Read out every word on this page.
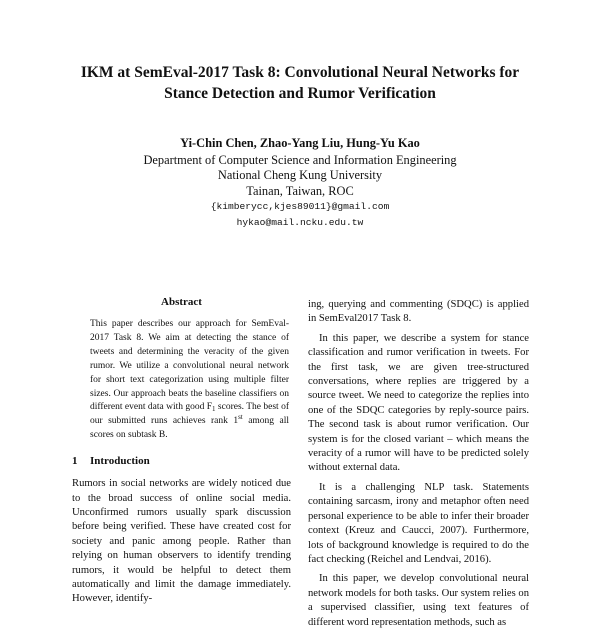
IKM at SemEval-2017 Task 8: Convolutional Neural Networks for
Stance Detection and Rumor Verification
Yi-Chin Chen, Zhao-Yang Liu, Hung-Yu Kao
Department of Computer Science and Information Engineering
National Cheng Kung University
Tainan, Taiwan, ROC
{kimberycc,kjes89011}@gmail.com
hykao@mail.ncku.edu.tw
Abstract
This paper describes our approach for SemEval-2017 Task 8. We aim at detecting the stance of tweets and determining the veracity of the given rumor. We utilize a convolutional neural network for short text categorization using multiple filter sizes. Our approach beats the baseline classifiers on different event data with good $F_1$ scores. The best of our submitted runs achieves rank 1st among all scores on subtask B.
1 Introduction

Rumors in social networks are widely noticed due to the broad success of online social media. Unconfirmed rumors usually spark discussion before being verified. These have created cost for society and panic among people. Rather than relying on human observers to identify trending rumors, it would be helpful to detect them automatically and limit the damage immediately. However, identify-

ing, querying and commenting (SDQC) is applied in SemEval2017 Task 8.

In this paper, we describe a system for stance classification and rumor verification in tweets. For the first task, we are given tree-structured conversations, where replies are triggered by a source tweet. We need to categorize the replies into one of the SDQC categories by reply-source pairs. The second task is about rumor verification. Our system is for the closed variant – which means the veracity of a rumor will have to be predicted solely without external data.

It is a challenging NLP task. Statements containing sarcasm, irony and metaphor often need personal experience to be able to infer their broader context (Kreuz and Caucci, 2007). Furthermore, lots of background knowledge is required to do the fact checking (Reichel and Lendvai, 2016).

In this paper, we develop convolutional neural network models for both tasks. Our system relies on a supervised classifier, using text features of different word representation methods, such as
